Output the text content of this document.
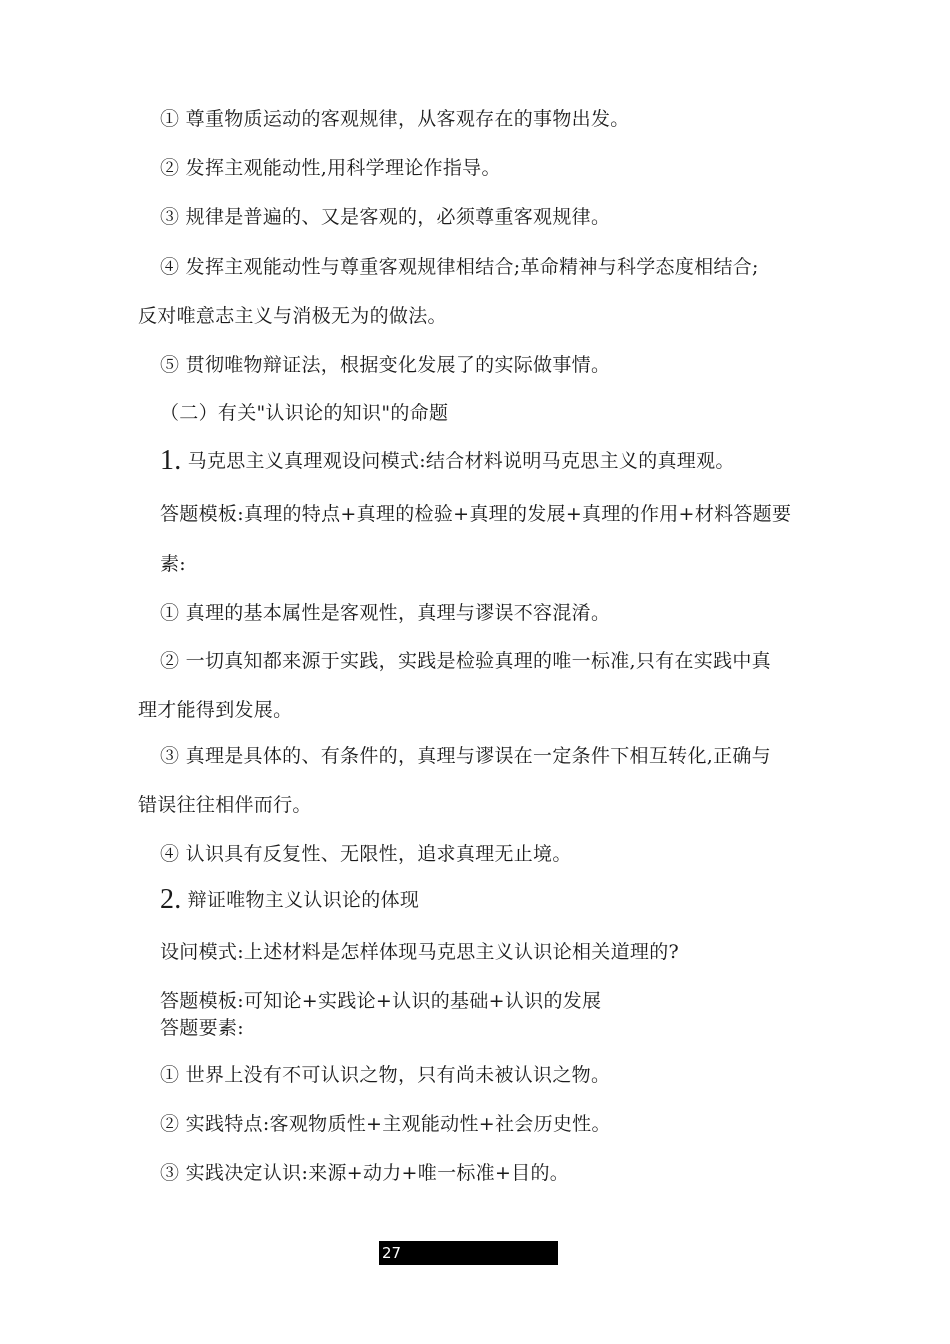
① 尊重物质运动的客观规律，从客观存在的事物出发。
② 发挥主观能动性,用科学理论作指导。
③ 规律是普遍的、又是客观的，必须尊重客观规律。
④ 发挥主观能动性与尊重客观规律相结合;革命精神与科学态度相结合;
反对唯意志主义与消极无为的做法。
⑤ 贯彻唯物辩证法，根据变化发展了的实际做事情。
（二）有关"认识论的知识"的命题
1. 马克思主义真理观设问模式:结合材料说明马克思主义的真理观。
答题模板:真理的特点+真理的检验+真理的发展+真理的作用+材料答题要
素:
① 真理的基本属性是客观性，真理与谬误不容混淆。
② 一切真知都来源于实践，实践是检验真理的唯一标准,只有在实践中真
理才能得到发展。
③ 真理是具体的、有条件的，真理与谬误在一定条件下相互转化,正确与
错误往往相伴而行。
④ 认识具有反复性、无限性，追求真理无止境。
2. 辩证唯物主义认识论的体现
设问模式:上述材料是怎样体现马克思主义认识论相关道理的?
答题模板:可知论+实践论+认识的基础+认识的发展
答题要素:
① 世界上没有不可认识之物，只有尚未被认识之物。
② 实践特点:客观物质性+主观能动性+社会历史性。
③ 实践决定认识:来源+动力+唯一标准+目的。
27
